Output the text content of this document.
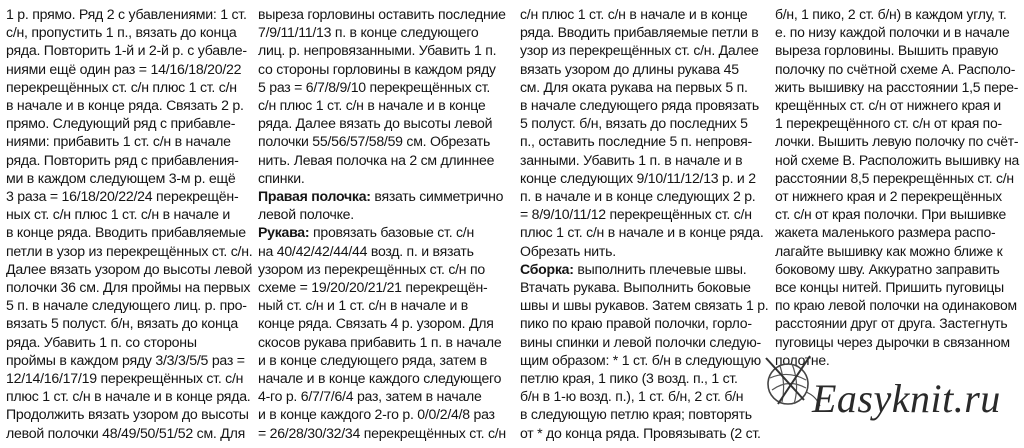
1 р. прямо. Ряд 2 с убавлениями: 1 ст.

с/н, пропустить 1 п., вязать до конца

ряда. Повторить 1-й и 2-й р. с убавле-

ниями ещё один раз = 14/16/18/20/22

перекрещённых ст. с/н плюс 1 ст. с/н

в начале и в конце ряда. Связать 2 р.

прямо. Следующий ряд с прибавле-

ниями: прибавить 1 ст. с/н в начале

ряда. Повторить ряд с прибавления-

ми в каждом следующем 3-м р. ещё

3 раза = 16/18/20/22/24 перекрещён-

ных ст. с/н плюс 1 ст. с/н в начале и

в конце ряда. Вводить прибавляемые

петли в узор из перекрещённых ст. с/н.

Далее вязать узором до высоты левой

полочки 36 см. Для проймы на первых

5 п. в начале следующего лиц. р. про-

вязать 5 полуст. б/н, вязать до конца

ряда. Убавить 1 п. со стороны

проймы в каждом ряду 3/3/3/5/5 раз =

12/14/16/17/19 перекрещённых ст. с/н

плюс 1 ст. с/н в начале и в конце ряда.

Продолжить вязать узором до высоты

левой полочки 48/49/50/51/52 см. Для

выреза горловины оставить последние

7/9/11/11/13 п. в конце следующего

лиц. р. непровязанными. Убавить 1 п.

со стороны горловины в каждом ряду

5 раз = 6/7/8/9/10 перекрещённых ст.

с/н плюс 1 ст. с/н в начале и в конце

ряда. Далее вязать до высоты левой

полочки 55/56/57/58/59 см. Обрезать

нить. Левая полочка на 2 см длиннее

спинки.

Правая полочка: вязать симметрично

левой полочке.

Рукава: провязать базовые ст. с/н

на 40/42/42/44/44 возд. п. и вязать

узором из перекрещённых ст. с/н по

схеме = 19/20/20/21/21 перекрещён-

ный ст. с/н и 1 ст. с/н в начале и в

конце ряда. Связать 4 р. узором. Для

скосов рукава прибавить 1 п. в начале

и в конце следующего ряда, затем в

начале и в конце каждого следующего

4-го р. 6/7/7/6/4 раз, затем в начале

и в конце каждого 2-го р. 0/0/2/4/8 раз

= 26/28/30/32/34 перекрещённых ст. с/н

с/н плюс 1 ст. с/н в начале и в конце

ряда. Вводить прибавляемые петли в

узор из перекрещённых ст. с/н. Далее

вязать узором до длины рукава 45

см. Для оката рукава на первых 5 п.

в начале следующего ряда провязать

5 полуст. б/н, вязать до последних 5

п., оставить последние 5 п. непровя-

занными. Убавить 1 п. в начале и в

конце следующих 9/10/11/12/13 р. и 2

п. в начале и в конце следующих 2 р.

= 8/9/10/11/12 перекрещённых ст. с/н

плюс 1 ст. с/н в начале и в конце ряда.

Обрезать нить.

Сборка: выполнить плечевые швы.

Втачать рукава. Выполнить боковые

швы и швы рукавов. Затем связать 1 р.

пико по краю правой полочки, горло-

вины спинки и левой полочки следую-

щим образом: * 1 ст. б/н в следующую

петлю края, 1 пико (3 возд. п., 1 ст.

б/н в 1-ю возд. п.), 1 ст. б/н, 2 ст. б/н

в следующую петлю края; повторять

от * до конца ряда. Провязывать (2 ст.

б/н, 1 пико, 2 ст. б/н) в каждом углу, т.

е. по низу каждой полочки и в начале

выреза горловины. Вышить правую

полочку по счётной схеме А. Располо-

жить вышивку на расстоянии 1,5 пере-

крещённых ст. с/н от нижнего края и

1 перекрещённого ст. с/н от края по-

лочки. Вышить левую полочку по счёт-

ной схеме В. Расположить вышивку на

расстоянии 8,5 перекрещённых ст. с/н

от нижнего края и 2 перекрещённых

ст. с/н от края полочки. При вышивке

жакета маленького размера распо-

лагайте вышивку как можно ближе к

боковому шву. Аккуратно заправить

все концы нитей. Пришить пуговицы

по краю левой полочки на одинаковом

расстоянии друг от друга. Застегнуть

пуговицы через дырочки в связанном

полотне.

Easyknit.ru
